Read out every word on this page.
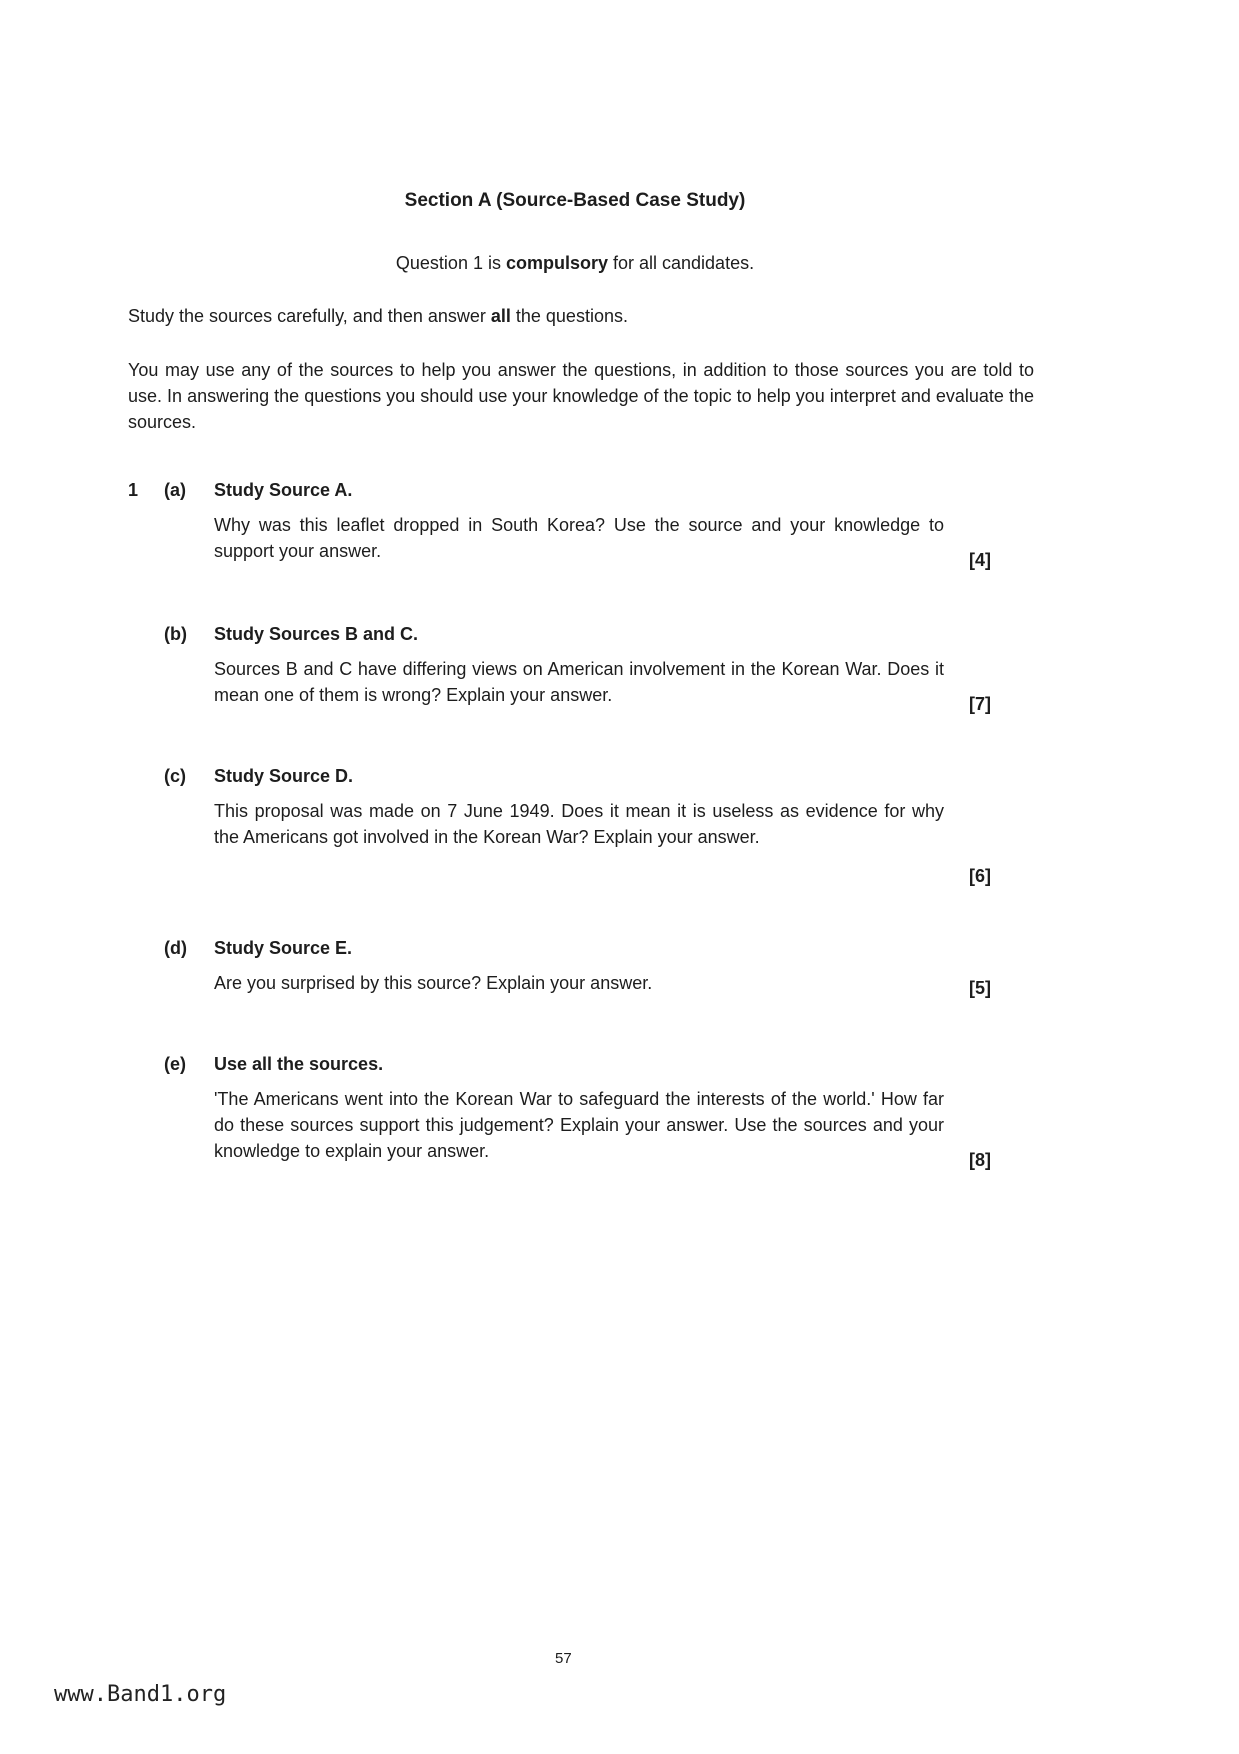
Section A (Source-Based Case Study)
Question 1 is compulsory for all candidates.
Study the sources carefully, and then answer all the questions.
You may use any of the sources to help you answer the questions, in addition to those sources you are told to use. In answering the questions you should use your knowledge of the topic to help you interpret and evaluate the sources.
1 (a) Study Source A.
Why was this leaflet dropped in South Korea? Use the source and your knowledge to support your answer.	[4]
(b) Study Sources B and C.
Sources B and C have differing views on American involvement in the Korean War. Does it mean one of them is wrong? Explain your answer.	[7]
(c) Study Source D.
This proposal was made on 7 June 1949. Does it mean it is useless as evidence for why the Americans got involved in the Korean War? Explain your answer.
[6]
(d) Study Source E.
Are you surprised by this source? Explain your answer.	[5]
(e) Use all the sources.
'The Americans went into the Korean War to safeguard the interests of the world.' How far do these sources support this judgement? Explain your answer. Use the sources and your knowledge to explain your answer.	[8]
57
www.Band1.org
